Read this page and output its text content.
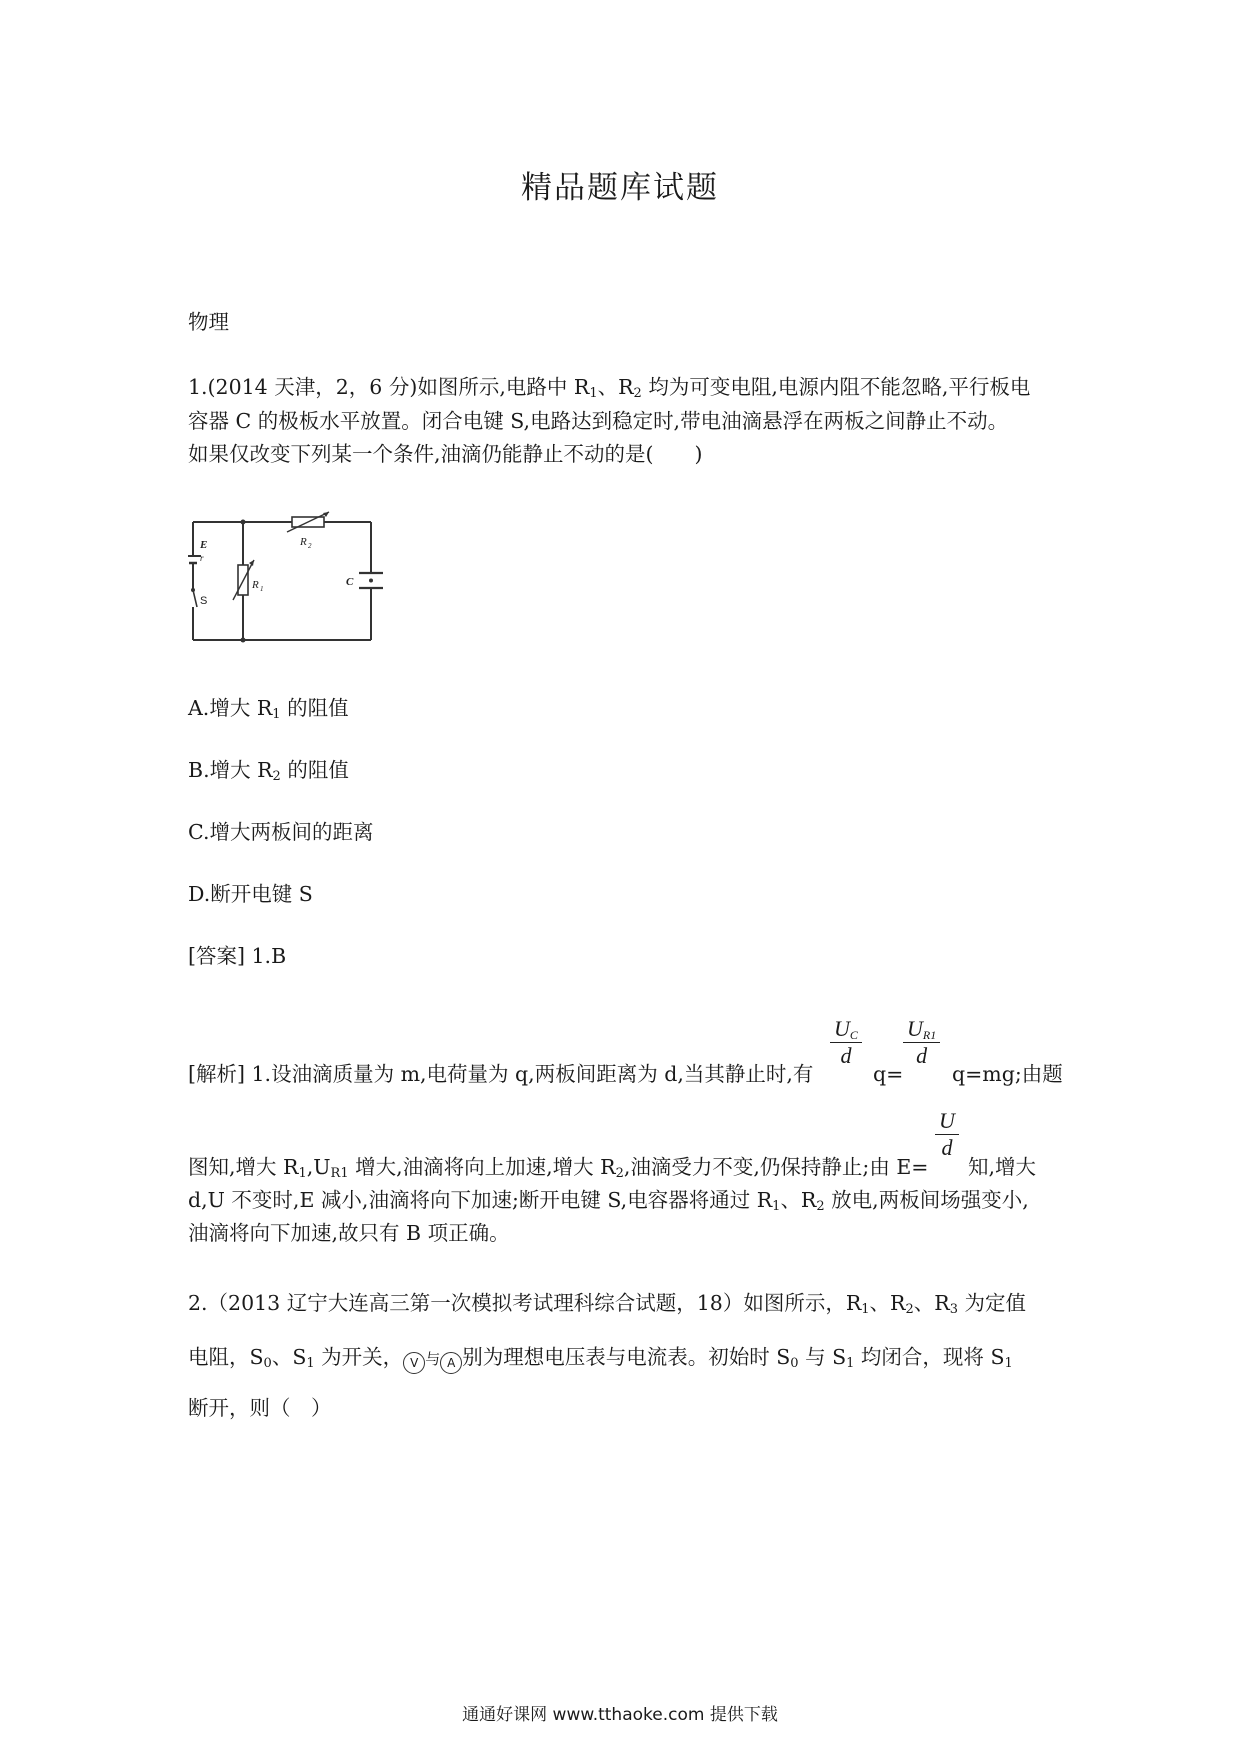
精品题库试题
物理
1.(2014 天津，2，6 分)如图所示,电路中 $R_1$、$R_2$ 均为可变电阻,电源内阻不能忽略,平行板电
容器 C 的极板水平放置。闭合电键 S,电路达到稳定时,带电油滴悬浮在两板之间静止不动。
如果仅改变下列某一个条件,油滴仍能静止不动的是(　　)
E
r
R 1
R 2
C
S
A.增大 $R_1$ 的阻值
B.增大 $R_2$ 的阻值
C.增大两板间的距离
D.断开电键 S
[答案] 1.B
[解析] 1.设油滴质量为 m,电荷量为 q,两板间距离为 d,当其静止时,有
$\frac{U_C}{d}$
q=
$\frac{U_{R1}}{d}$
q=mg;由题
图知,增大 $R_1,U_{R1}$ 增大,油滴将向上加速,增大 $R_2$,油滴受力不变,仍保持静止;由 E=
$\frac{U}{d}$
知,增大
d,U 不变时,E 减小,油滴将向下加速;断开电键 S,电容器将通过 $R_1$、$R_2$ 放电,两板间场强变小,
油滴将向下加速,故只有 B 项正确。
2.（2013 辽宁大连高三第一次模拟考试理科综合试题，18）如图所示，$R_1$、$R_2$、$R_3$ 为定值
电阻，$S_0$、$S_1$ 为开关， V 与 A 别为理想电压表与电流表。初始时 $S_0$ 与 $S_1$ 均闭合，现将 $S_1$
断开，则（　）
通通好课网 www.tthaoke.com 提供下载
